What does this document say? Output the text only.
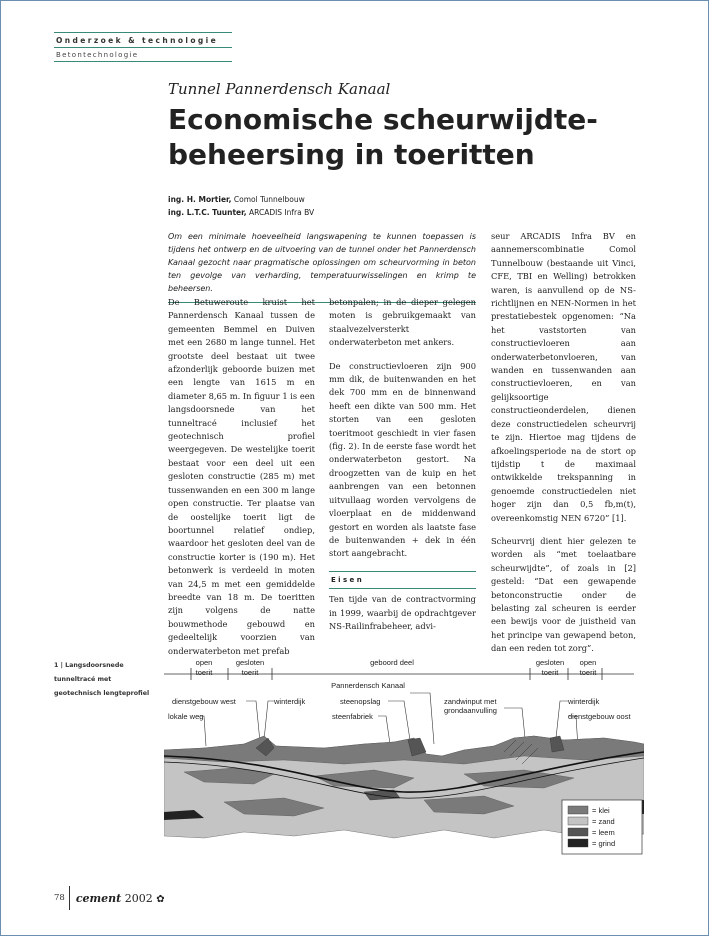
Onderzoek & technologie
Betontechnologie
Tunnel Pannerdensch Kanaal
Economische scheurwijdte-beheersing in toeritten
ing. H. Mortier, Comol Tunnelbouw
ing. L.T.C. Tuunter, ARCADIS Infra BV
Om een minimale hoeveelheid langswapening te kunnen toepassen is tijdens het ontwerp en de uitvoering van de tunnel onder het Pannerdensch Kanaal gezocht naar pragmatische oplossingen om scheurvorming in beton ten gevolge van verharding, temperatuurwisselingen en krimp te beheersen.

De Betuweroute kruist het Pannerdensch Kanaal tussen de gemeenten Bemmel en Duiven met een 2680 m lange tunnel. Het grootste deel bestaat uit twee afzonderlijk geboorde buizen met een lengte van 1615 m en diameter 8,65 m. In figuur 1 is een langsdoorsnede van het tunneltracé inclusief het geotechnisch profiel weergegeven. De westelijke toerit bestaat voor een deel uit een gesloten constructie (285 m) met tussenwanden en een 300 m lange open constructie. Ter plaatse van de oostelijke toerit ligt de boortunnel relatief ondiep, waardoor het gesloten deel van de constructie korter is (190 m). Het betonwerk is verdeeld in moten van 24,5 m met een gemiddelde breedte van 18 m. De toeritten zijn volgens de natte bouwmethode gebouwd en gedeeltelijk voorzien van onderwaterbeton met prefab

betonpalen; in de dieper gelegen moten is gebruikgemaakt van staalvezelversterkt onderwaterbeton met ankers.

De constructievloeren zijn 900 mm dik, de buitenwanden en het dek 700 mm en de binnenwand heeft een dikte van 500 mm. Het storten van een gesloten toeritmoot geschiedt in vier fasen (fig. 2). In de eerste fase wordt het onderwaterbeton gestort. Na droogzetten van de kuip en het aanbrengen van een betonnen uitvullaag worden vervolgens de vloerplaat en de middenwand gestort en worden als laatste fase de buitenwanden + dek in één stort aangebracht.

Eisen

Ten tijde van de contractvorming in 1999, waarbij de opdrachtgever NS-Railinfrabeheer, advi-

seur ARCADIS Infra BV en aannemerscombinatie Comol Tunnelbouw (bestaande uit Vinci, CFE, TBI en Welling) betrokken waren, is aanvullend op de NS-richtlijnen en NEN-Normen in het prestatiebestek opgenomen: “Na het vaststorten van constructievloeren aan onderwaterbetonvloeren, van wanden en tussenwanden aan constructievloeren, en van gelijksoortige constructieonderdelen, dienen deze constructiedelen scheurvrij te zijn. Hiertoe mag tijdens de afkoelingsperiode na de stort op tijdstip t de maximaal ontwikkelde trekspanning in genoemde constructiedelen niet hoger zijn dan 0,5 fb,m(t), overeenkomstig NEN 6720” [1].

Scheurvrij dient hier gelezen te worden als “met toelaatbare scheurwijdte”, of zoals in [2] gesteld: “Dat een gewapende betonconstructie onder de belasting zal scheuren is eerder een bewijs voor de juistheid van het principe van gewapend beton, dan een reden tot zorg”.

1 | Langsdoorsnede tunneltracé met geotechnisch lengteprofiel
open
toerit
gesloten
toerit
geboord deel	gesloten
toerit
open
toerit
Pannerdensch Kanaal
dienstgebouw west	winterdijk	steenopslag	zandwinput met
grondaanvulling
winterdijk
lokale weg	steenfabriek	dienstgebouw oost
= klei
= zand
= leem
= grind
78	cement 2002 ✿
